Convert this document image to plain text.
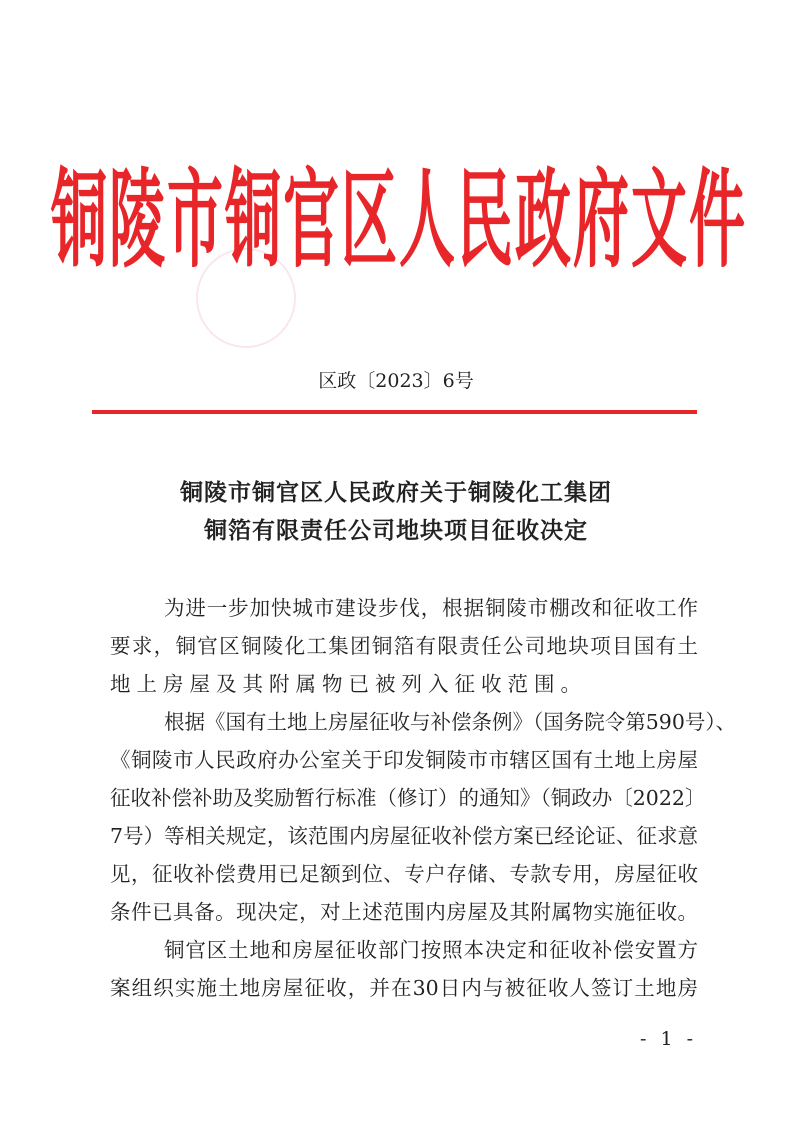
铜陵市铜官区人民政府文件
区政〔2023〕6号
铜陵市铜官区人民政府关于铜陵化工集团
铜箔有限责任公司地块项目征收决定
为进一步加快城市建设步伐，根据铜陵市棚改和征收工作
要求，铜官区铜陵化工集团铜箔有限责任公司地块项目国有土
地上房屋及其附属物已被列入征收范围。
根据《国有土地上房屋征收与补偿条例》（国务院令第590号）、
《铜陵市人民政府办公室关于印发铜陵市市辖区国有土地上房屋
征收补偿补助及奖励暂行标准（修订）的通知》（铜政办〔2022〕
7号）等相关规定，该范围内房屋征收补偿方案已经论证、征求意
见，征收补偿费用已足额到位、专户存储、专款专用，房屋征收
条件已具备。现决定，对上述范围内房屋及其附属物实施征收。
铜官区土地和房屋征收部门按照本决定和征收补偿安置方
案组织实施土地房屋征收，并在30日内与被征收人签订土地房
- 1 -
